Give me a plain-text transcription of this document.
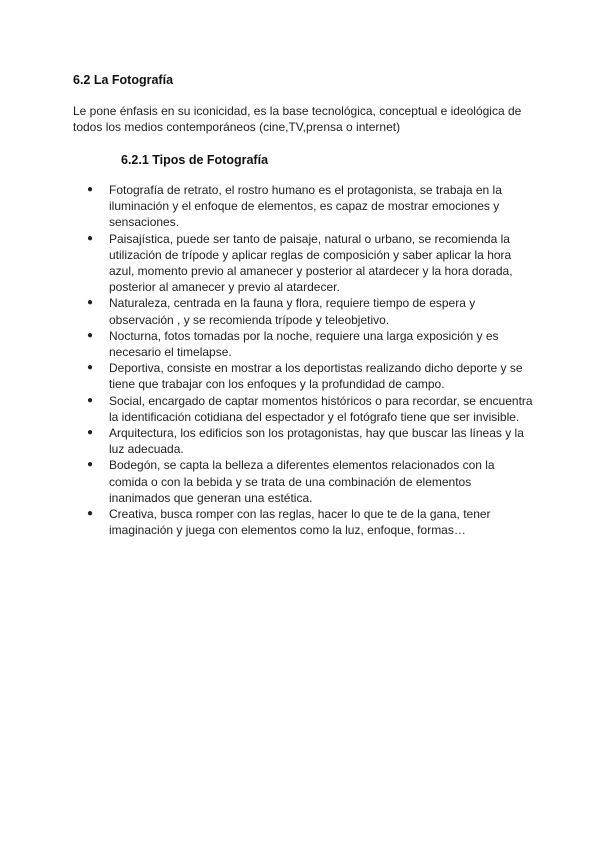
6.2 La Fotografía

Le pone énfasis en su iconicidad, es la base tecnológica, conceptual e ideológica de todos los medios contemporáneos (cine,TV,prensa o internet)

6.2.1 Tipos de Fotografía
● Fotografía de retrato, el rostro humano es el protagonista, se trabaja en la iluminación y el enfoque de elementos, es capaz de mostrar emociones y sensaciones.
● Paisajística, puede ser tanto de paisaje, natural o urbano, se recomienda la utilización de trípode y aplicar reglas de composición y saber aplicar la hora azul, momento previo al amanecer y posterior al atardecer y la hora dorada, posterior al amanecer y previo al atardecer.
● Naturaleza, centrada en la fauna y flora, requiere tiempo de espera y observación , y se recomienda trípode y teleobjetivo.
● Nocturna, fotos tomadas por la noche, requiere una larga exposición y es necesario el timelapse.
● Deportiva, consiste en mostrar a los deportistas realizando dicho deporte y se tiene que trabajar con los enfoques y la profundidad de campo.
● Social, encargado de captar momentos históricos o para recordar, se encuentra la identificación cotidiana del espectador y el fotógrafo tiene que ser invisible.
● Arquitectura, los edificios son los protagonistas, hay que buscar las líneas y la luz adecuada.
● Bodegón, se capta la belleza a diferentes elementos relacionados con la comida o con la bebida y se trata de una combinación de elementos inanimados que generan una estética.
● Creativa, busca romper con las reglas, hacer lo que te de la gana, tener imaginación y juega con elementos como la luz, enfoque, formas…
